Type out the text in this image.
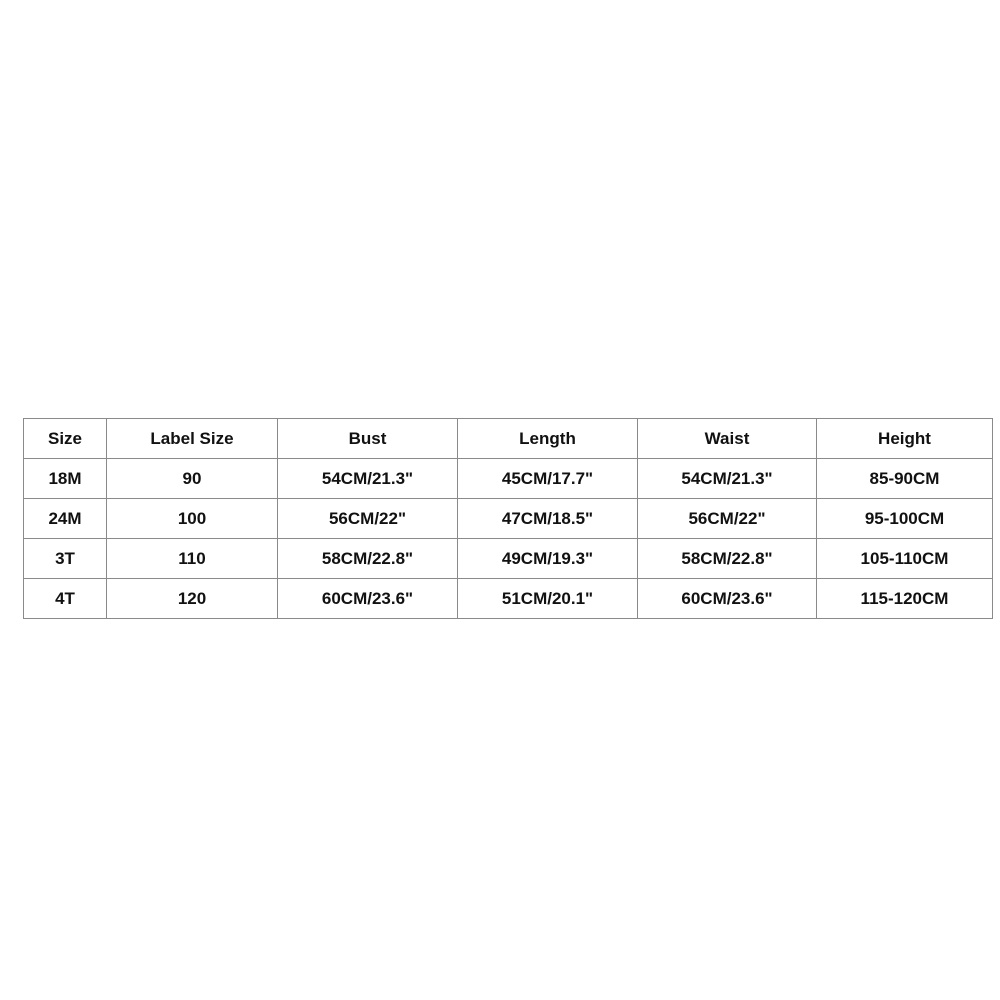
Size	Label Size	Bust	Length	Waist	Height
18M	90	54CM/21.3"	45CM/17.7"	54CM/21.3"	85-90CM
24M	100	56CM/22"	47CM/18.5"	56CM/22"	95-100CM
3T	110	58CM/22.8"	49CM/19.3"	58CM/22.8"	105-110CM
4T	120	60CM/23.6"	51CM/20.1"	60CM/23.6"	115-120CM
